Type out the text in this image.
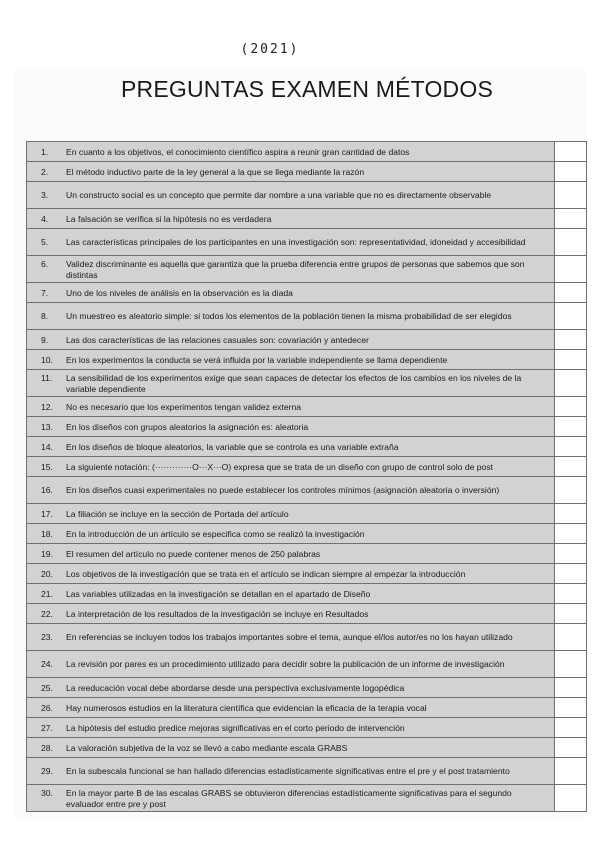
(2021)
PREGUNTAS EXAMEN MÉTODOS
1. En cuanto a los objetivos, el conocimiento científico aspira a reunir gran cantidad de datos	

2. El método inductivo parte de la ley general a la que se llega mediante la razón	

3. Un constructo social es un concepto que permite dar nombre a una variable que no es directamente observable	

4. La falsación se verifica si la hipótesis no es verdadera	

5. Las características principales de los participantes en una investigación son: representatividad, idoneidad y accesibilidad	

6. Validez discriminante es aquella que garantiza que la prueba diferencia entre grupos de personas que sabemos que son distintas	

7. Uno de los niveles de análisis en la observación es la diada	

8. Un muestreo es aleatorio simple: si todos los elementos de la población tienen la misma probabilidad de ser elegidos	

9. Las dos características de las relaciones casuales son: covariación y antedecer	

10. En los experimentos la conducta se verá influida por la variable independiente se llama dependiente	

11. La sensibilidad de los experimentos exige que sean capaces de detectar los efectos de los cambios en los niveles de la variable dependiente	

12. No es necesario que los experimentos tengan validez externa	

13. En los diseños con grupos aleatorios la asignación es: aleatoria	

14. En los diseños de bloque aleatorios, la variable que se controla es una variable extraña	

15. La siguiente notación: (·············O···X···O) expresa que se trata de un diseño con grupo de control solo de post	

16. En los diseños cuasi experimentales no puede establecer los controles mínimos (asignación aleatoria o inversión)	

17. La filiación se incluye en la sección de Portada del artículo	

18. En la introducción de un artículo se especifica como se realizó la investigación	

19. El resumen del artículo no puede contener menos de 250 palabras	

20. Los objetivos de la investigación que se trata en el artículo se indican siempre al empezar la introducción	

21. Las variables utilizadas en la investigación se detallan en el apartado de Diseño	

22. La interpretación de los resultados de la investigación se incluye en Resultados	

23. En referencias se incluyen todos los trabajos importantes sobre el tema, aunque el/los autor/es no los hayan utilizado	

24. La revisión por pares es un procedimiento utilizado para decidir sobre la publicación de un informe de investigación	

25. La reeducación vocal debe abordarse desde una perspectiva exclusivamente logopédica	

26. Hay numerosos estudios en la literatura científica que evidencian la eficacia de la terapia vocal	

27. La hipótesis del estudio predice mejoras significativas en el corto periodo de intervención	

28. La valoración subjetiva de la voz se llevó a cabo mediante escala GRABS	

29. En la subescala funcional se han hallado diferencias estadísticamente significativas entre el pre y el post tratamiento	

30. En la mayor parte B de las escalas GRABS se obtuvieron diferencias estadísticamente significativas para el segundo evaluador entre pre y post	
